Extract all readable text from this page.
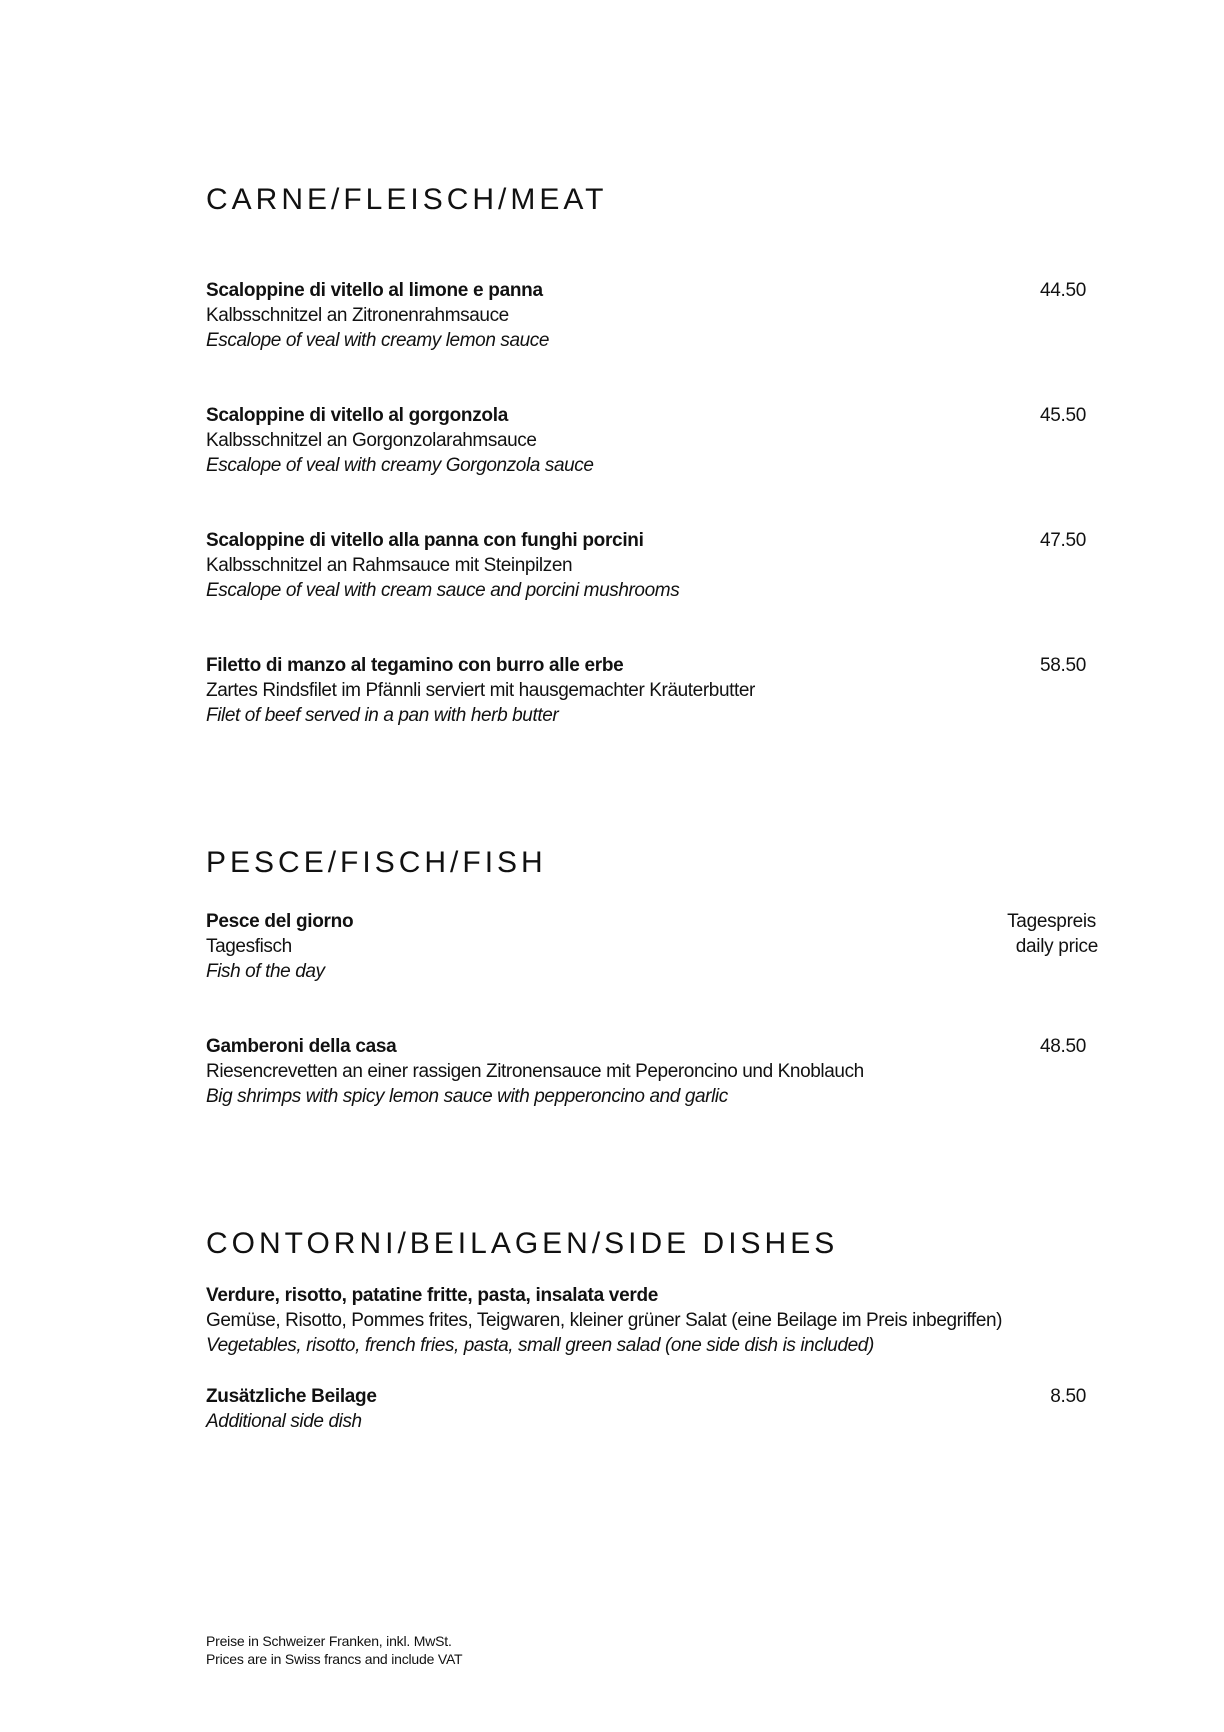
CARNE/FLEISCH/MEAT
Scaloppine di vitello al limone e panna
Kalbsschnitzel an Zitronenrahmsauce
Escalope of veal with creamy lemon sauce
44.50
Scaloppine di vitello al gorgonzola
Kalbsschnitzel an Gorgonzolarahmsauce
Escalope of veal with creamy Gorgonzola sauce
45.50
Scaloppine di vitello alla panna con funghi porcini
Kalbsschnitzel an Rahmsauce mit Steinpilzen
Escalope of veal with cream sauce and porcini mushrooms
47.50
Filetto di manzo al tegamino con burro alle erbe
Zartes Rindsfilet im Pfännli serviert mit hausgemachter Kräuterbutter
Filet of beef served in a pan with herb butter
58.50
PESCE/FISCH/FISH
Pesce del giorno
Tagesfisch
Fish of the day
Tagespreis
daily price
Gamberoni della casa
Riesencrevetten an einer rassigen Zitronensauce mit Peperoncino und Knoblauch
Big shrimps with spicy lemon sauce with pepperoncino and garlic
48.50
CONTORNI/BEILAGEN/SIDE DISHES
Verdure, risotto, patatine fritte, pasta, insalata verde
Gemüse, Risotto, Pommes frites, Teigwaren, kleiner grüner Salat (eine Beilage im Preis inbegriffen)
Vegetables, risotto, french fries, pasta, small green salad (one side dish is included)
Zusätzliche Beilage
Additional side dish
8.50
Preise in Schweizer Franken, inkl. MwSt.
Prices are in Swiss francs and include VAT
